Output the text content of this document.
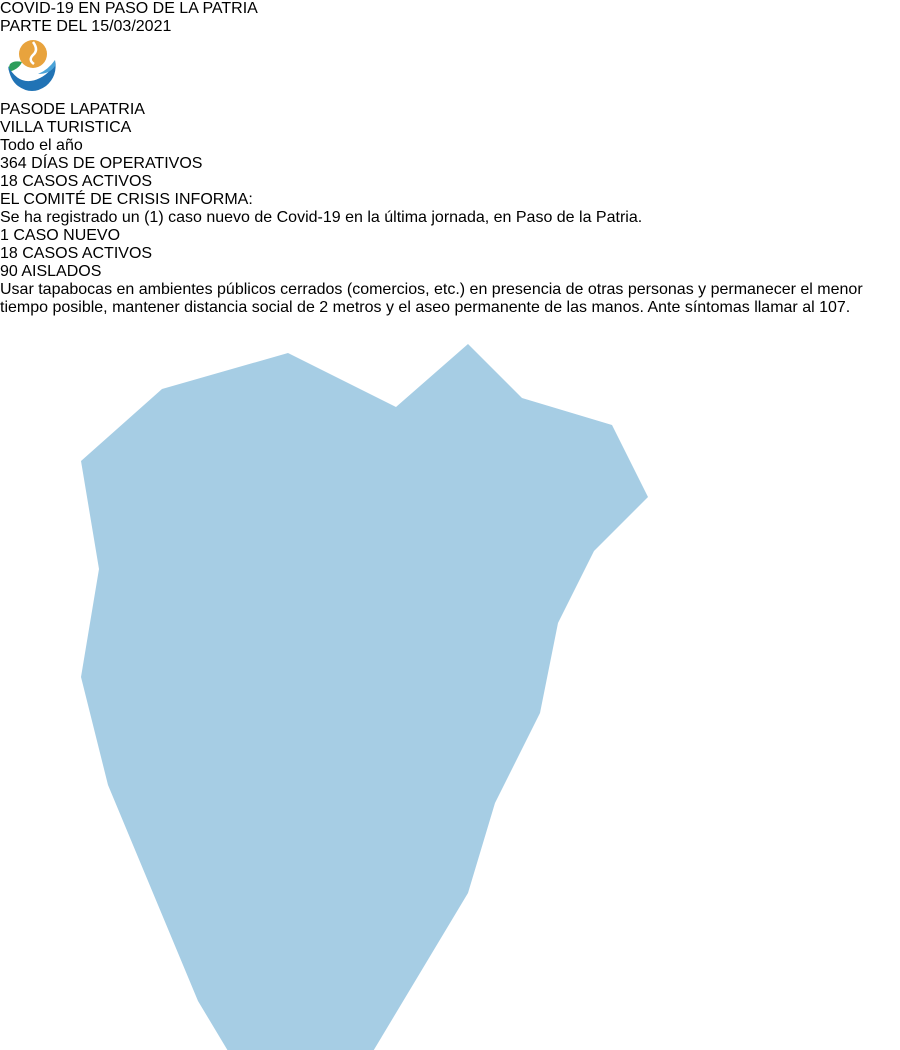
COVID-19 EN PASO DE LA PATRIA
PARTE DEL 15/03/2021
PASODE LAPATRIA
VILLA TURISTICA
Todo el año
364 DÍAS DE OPERATIVOS
18 CASOS ACTIVOS
EL COMITÉ DE CRISIS INFORMA:
Se ha registrado un (1) caso nuevo de Covid-19 en la última jornada, en Paso de la Patria.
1 CASO NUEVO
18 CASOS ACTIVOS
90 AISLADOS
Usar tapabocas en ambientes públicos cerrados (comercios, etc.) en presencia de otras personas y permanecer el menor tiempo posible, mantener distancia social de 2 metros y el aseo permanente de las manos. Ante síntomas llamar al 107.
